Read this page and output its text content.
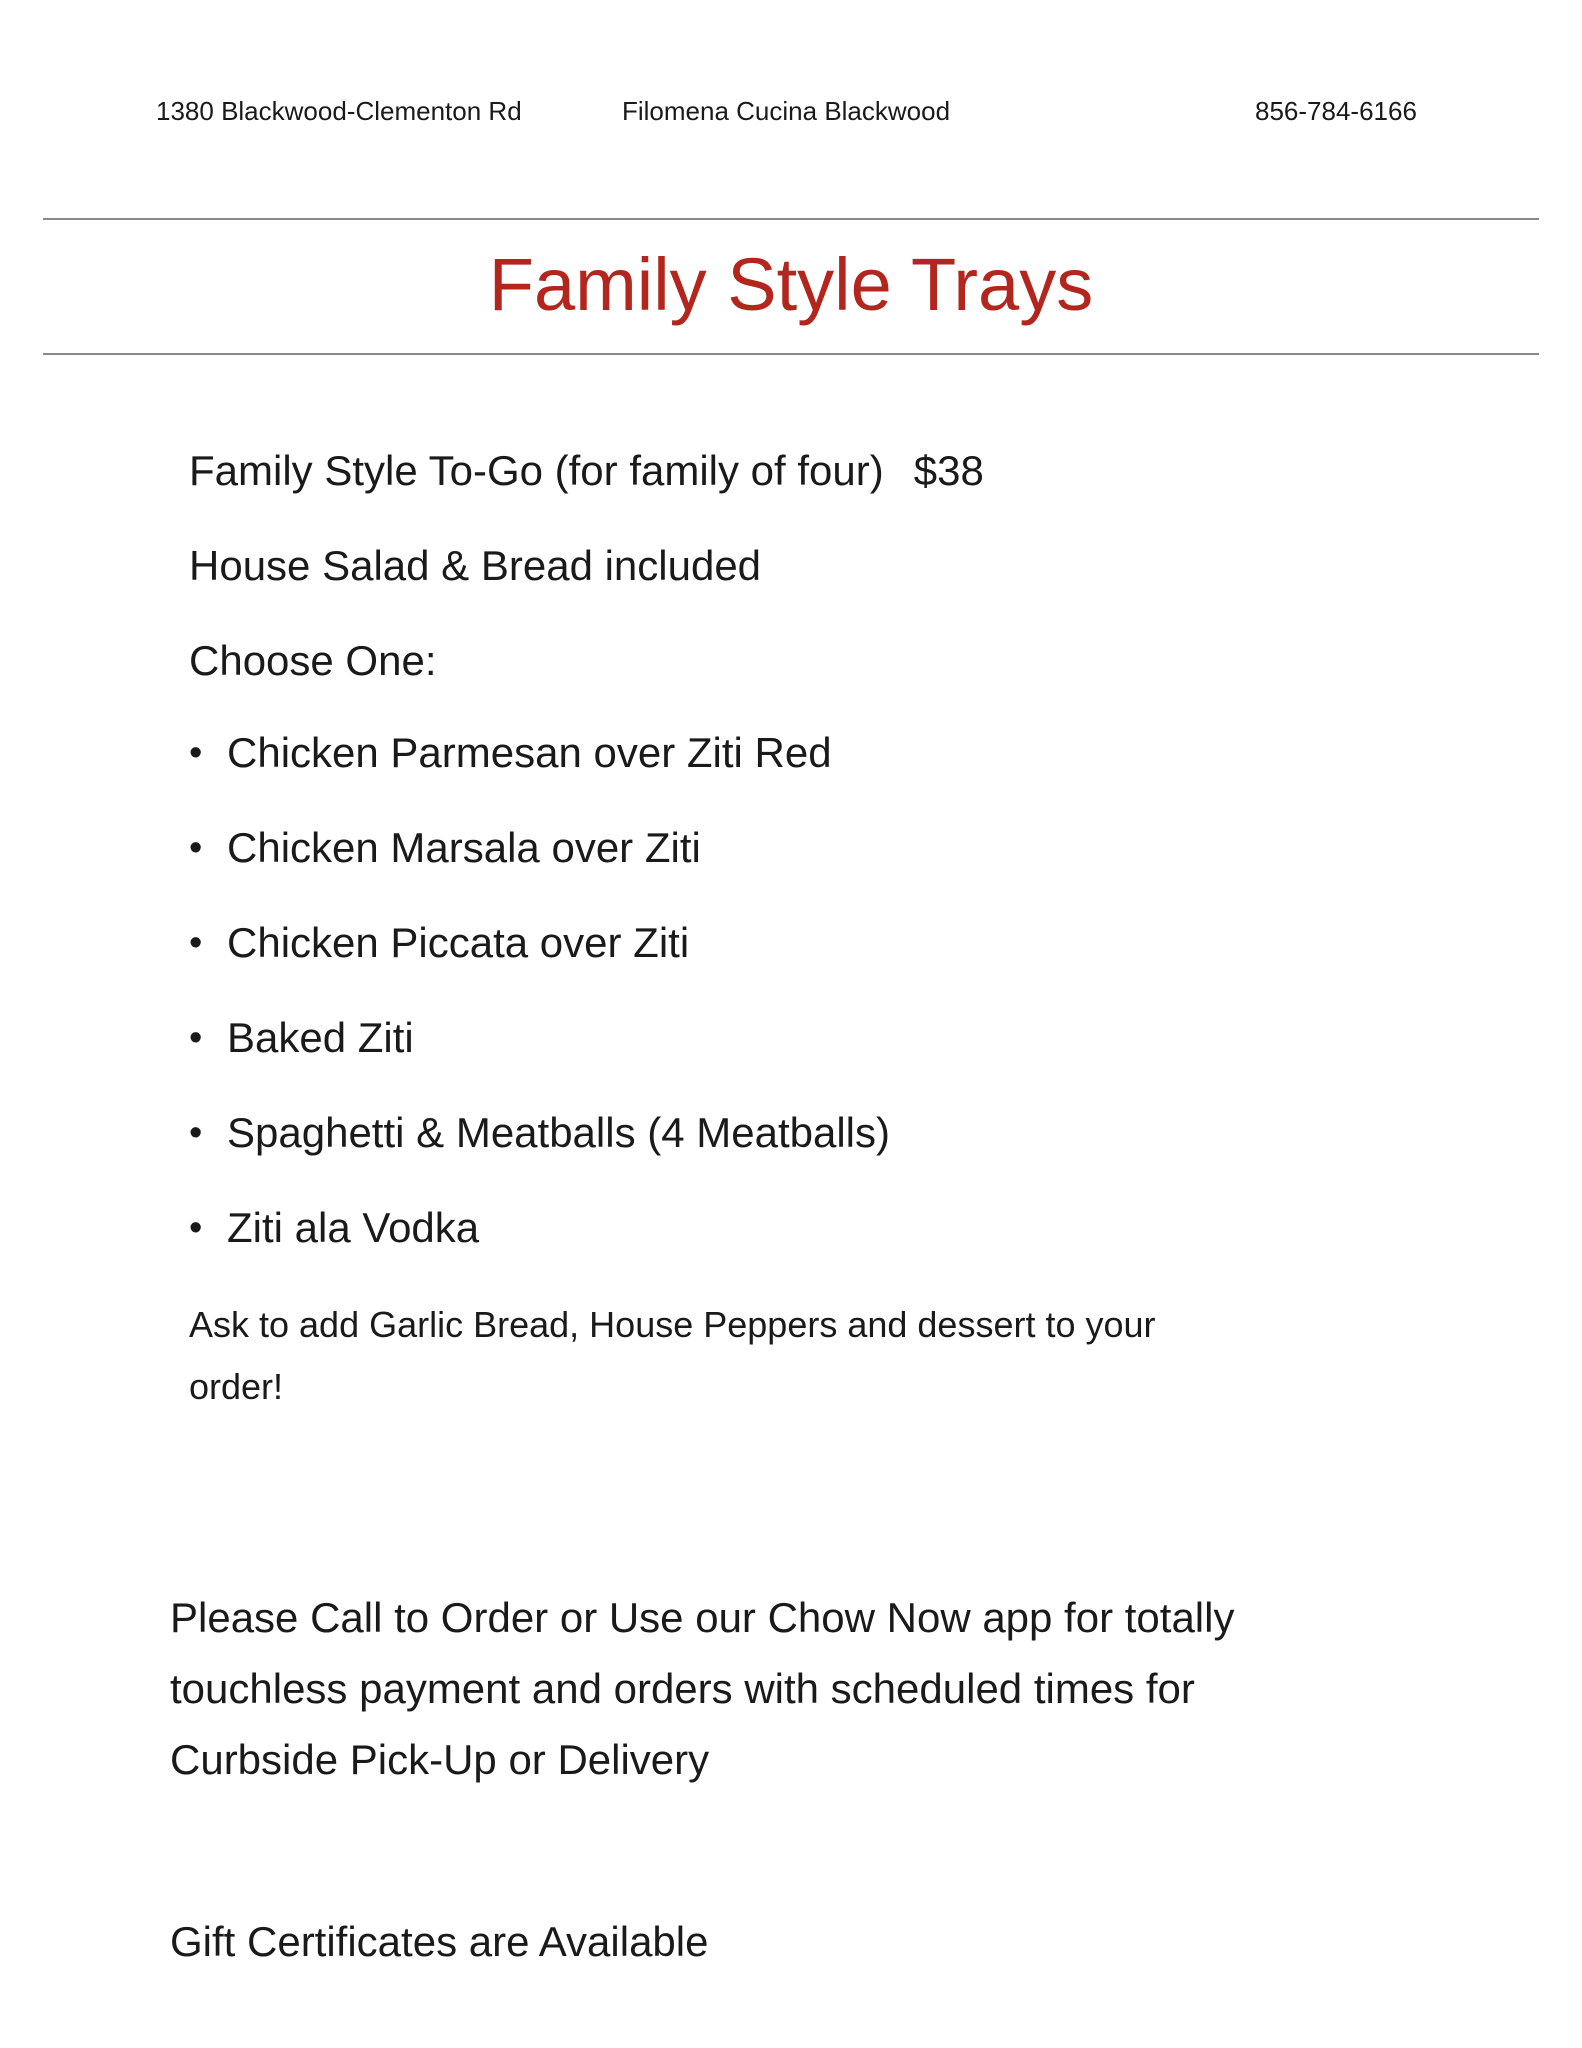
1380 Blackwood-Clementon Rd	Filomena Cucina Blackwood	856-784-6166
Family Style Trays
Family Style To-Go (for family of four) $38
House Salad & Bread included
Choose One:
• Chicken Parmesan over Ziti Red
• Chicken Marsala over Ziti
• Chicken Piccata over Ziti
• Baked Ziti
• Spaghetti & Meatballs (4 Meatballs)
• Ziti ala Vodka

Ask to add Garlic Bread, House Peppers and dessert to your order!

Please Call to Order or Use our Chow Now app for totally touchless payment and orders with scheduled times for Curbside Pick-Up or Delivery

Gift Certificates are Available
